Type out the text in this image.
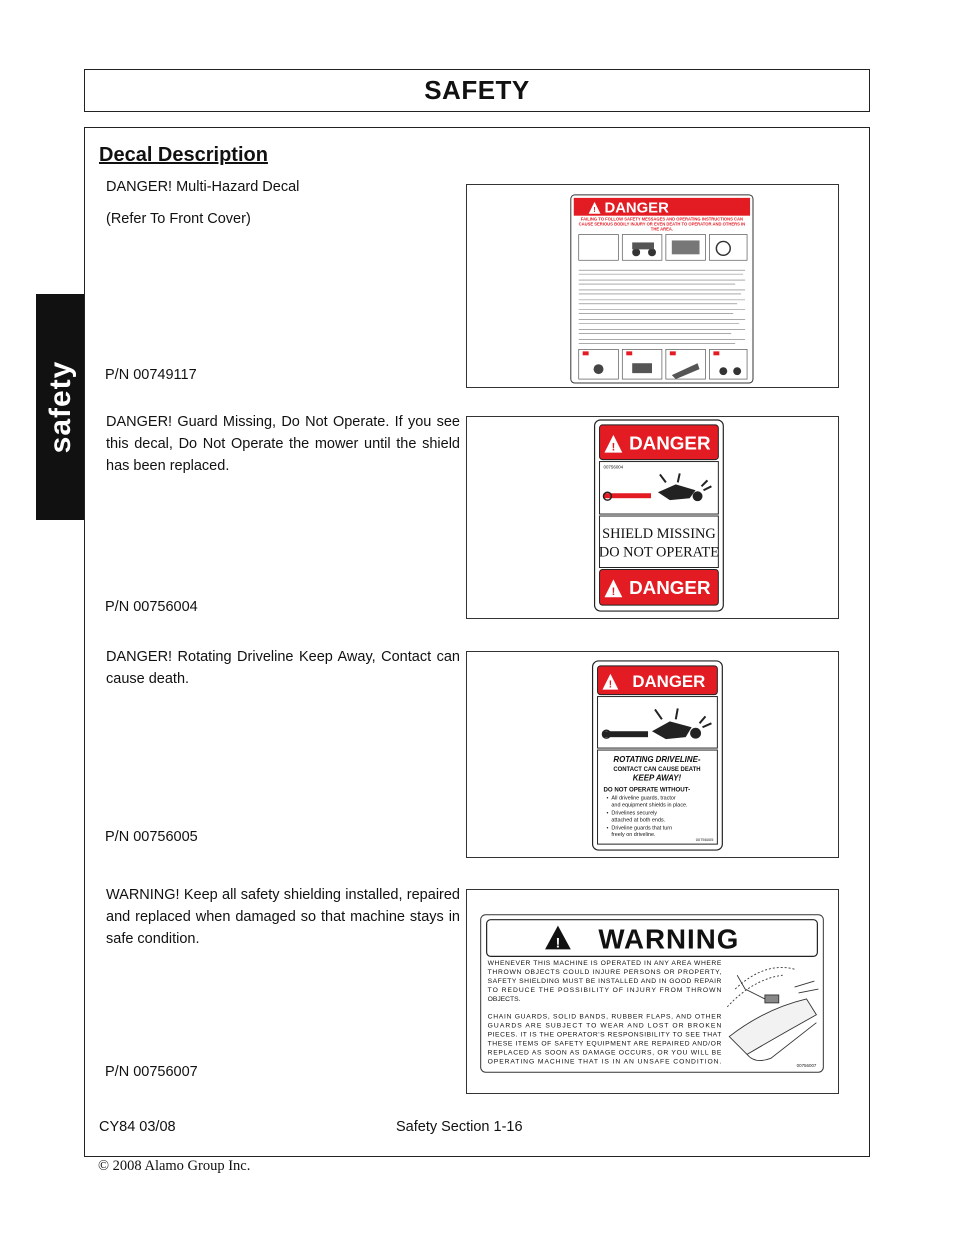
SAFETY
safety
Decal Description
DANGER! Multi-Hazard Decal
(Refer To Front Cover)
P/N 00749117
! DANGER
FAILING TO FOLLOW SAFETY MESSAGES AND OPERATING INSTRUCTIONS CAN CAUSE SERIOUS BODILY INJURY OR EVEN DEATH TO OPERATOR AND OTHERS IN THE AREA.
DANGER! Guard Missing, Do Not Operate. If you see this decal, Do Not Operate the mower until the shield has been replaced.
P/N 00756004
! DANGER
00756004
SHIELD MISSING
DO NOT OPERATE
! DANGER
DANGER! Rotating Driveline Keep Away, Contact can cause death.
P/N 00756005
! DANGER
ROTATING DRIVELINE-
CONTACT CAN CAUSE DEATH
KEEP AWAY!
DO NOT OPERATE WITHOUT-
• All driveline guards, tractor
and equipment shields in place.
• Drivelines securely
attached at both ends.
• Driveline guards that turn
freely on driveline.
00756005
WARNING! Keep all safety shielding installed, repaired and replaced when damaged so that machine stays in safe condition.
P/N 00756007
! WARNING
WHENEVER THIS MACHINE IS OPERATED IN ANY AREA WHERE
THROWN OBJECTS COULD INJURE PERSONS OR PROPERTY,
SAFETY SHIELDING MUST BE INSTALLED AND IN GOOD REPAIR
TO REDUCE THE POSSIBILITY OF INJURY FROM THROWN
OBJECTS.
CHAIN GUARDS, SOLID BANDS, RUBBER FLAPS, AND OTHER
GUARDS ARE SUBJECT TO WEAR AND LOST OR BROKEN
PIECES. IT IS THE OPERATOR'S RESPONSIBILITY TO SEE THAT
THESE ITEMS OF SAFETY EQUIPMENT ARE REPAIRED AND/OR
REPLACED AS SOON AS DAMAGE OCCURS, OR YOU WILL BE
OPERATING MACHINE THAT IS IN AN UNSAFE CONDITION.
00756007
CY84 03/08	Safety Section 1-16
© 2008 Alamo Group Inc.
